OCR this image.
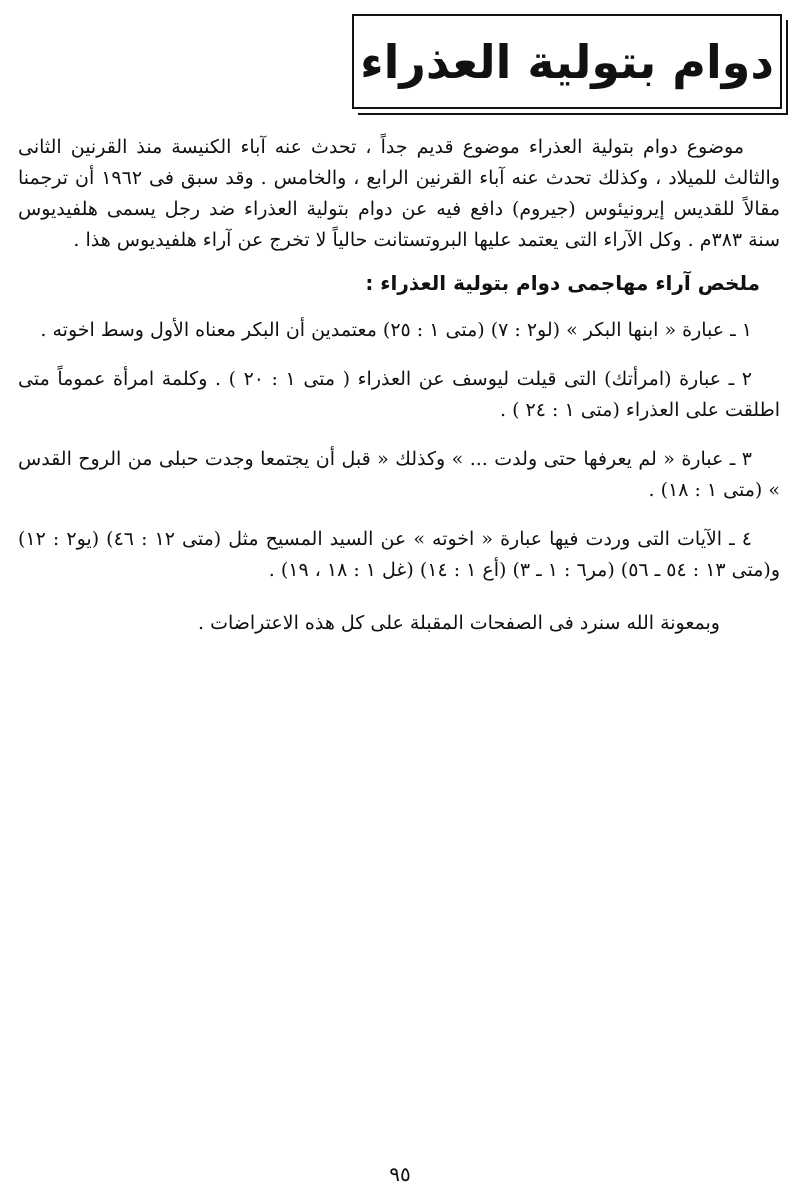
دوام بتولية العذراء

موضوع دوام بتولية العذراء موضوع قديم جداً ، تحدث عنه آباء الكنيسة منذ القرنين الثانى والثالث للميلاد ، وكذلك تحدث عنه آباء القرنين الرابع ، والخامس . وقد سبق فى ١٩٦٢ أن ترجمنا مقالاً للقديس إيرونيئوس (جيروم) دافع فيه عن دوام بتولية العذراء ضد رجل يسمى هلفيديوس سنة ٣٨٣م . وكل الآراء التى يعتمد عليها البروتستانت حالياً لا تخرج عن آراء هلفيديوس هذا .

ملخص آراء مهاجمى دوام بتولية العذراء :

١ ـ عبارة « ابنها البكر » (لو٢ : ٧) (متى ١ : ٢٥) معتمدين أن البكر معناه الأول وسط اخوته .
٢ ـ عبارة (امرأتك) التى قيلت ليوسف عن العذراء ( متى ١ : ٢٠ ) . وكلمة امرأة عموماً متى اطلقت على العذراء (متى ١ : ٢٤ ) .
٣ ـ عبارة « لم يعرفها حتى ولدت ... » وكذلك « قبل أن يجتمعا وجدت حبلى من الروح القدس » (متى ١ : ١٨) .
٤ ـ الآيات التى وردت فيها عبارة « اخوته » عن السيد المسيح مثل (متى ١٢ : ٤٦) (يو٢ : ١٢) و(متى ١٣ : ٥٤ ـ ٥٦) (مر٦ : ١ ـ ٣) (أع ١ : ١٤) (غل ١ : ١٨ ، ١٩) .

وبمعونة الله سنرد فى الصفحات المقبلة على كل هذه الاعتراضات .

٩٥
